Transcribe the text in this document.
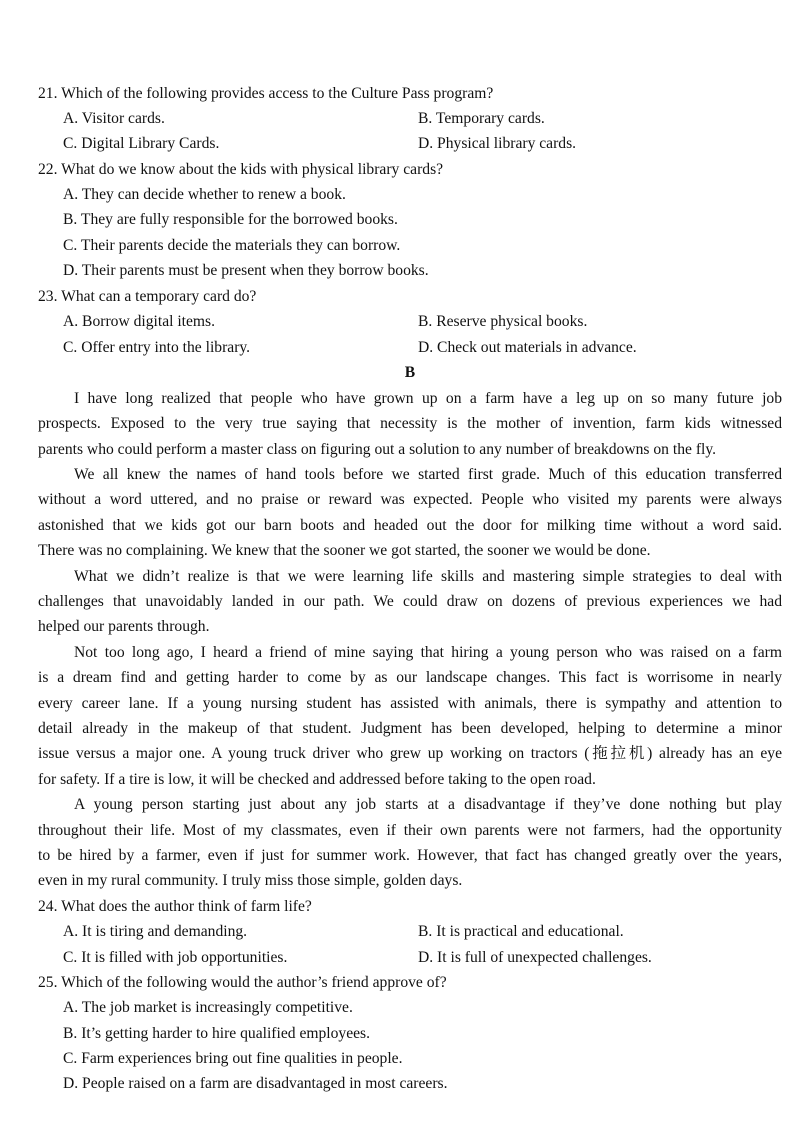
21. Which of the following provides access to the Culture Pass program?
A. Visitor cards.	B. Temporary cards.
C. Digital Library Cards.	D. Physical library cards.
22. What do we know about the kids with physical library cards?
A. They can decide whether to renew a book.
B. They are fully responsible for the borrowed books.
C. Their parents decide the materials they can borrow.
D. Their parents must be present when they borrow books.
23. What can a temporary card do?
A. Borrow digital items.	B. Reserve physical books.
C. Offer entry into the library.	D. Check out materials in advance.
B
I have long realized that people who have grown up on a farm have a leg up on so many future job
prospects. Exposed to the very true saying that necessity is the mother of invention, farm kids witnessed
parents who could perform a master class on figuring out a solution to any number of breakdowns on the fly.
We all knew the names of hand tools before we started first grade. Much of this education transferred
without a word uttered, and no praise or reward was expected. People who visited my parents were always
astonished that we kids got our barn boots and headed out the door for milking time without a word said.
There was no complaining. We knew that the sooner we got started, the sooner we would be done.
What we didn’t realize is that we were learning life skills and mastering simple strategies to deal with
challenges that unavoidably landed in our path. We could draw on dozens of previous experiences we had
helped our parents through.
Not too long ago, I heard a friend of mine saying that hiring a young person who was raised on a farm
is a dream find and getting harder to come by as our landscape changes. This fact is worrisome in nearly
every career lane. If a young nursing student has assisted with animals, there is sympathy and attention to
detail already in the makeup of that student. Judgment has been developed, helping to determine a minor
issue versus a major one. A young truck driver who grew up working on tractors (拖拉机) already has an eye
for safety. If a tire is low, it will be checked and addressed before taking to the open road.
A young person starting just about any job starts at a disadvantage if they’ve done nothing but play
throughout their life. Most of my classmates, even if their own parents were not farmers, had the opportunity
to be hired by a farmer, even if just for summer work. However, that fact has changed greatly over the years,
even in my rural community. I truly miss those simple, golden days.
24. What does the author think of farm life?
A. It is tiring and demanding.	B. It is practical and educational.
C. It is filled with job opportunities.	D. It is full of unexpected challenges.
25. Which of the following would the author’s friend approve of?
A. The job market is increasingly competitive.
B. It’s getting harder to hire qualified employees.
C. Farm experiences bring out fine qualities in people.
D. People raised on a farm are disadvantaged in most careers.
